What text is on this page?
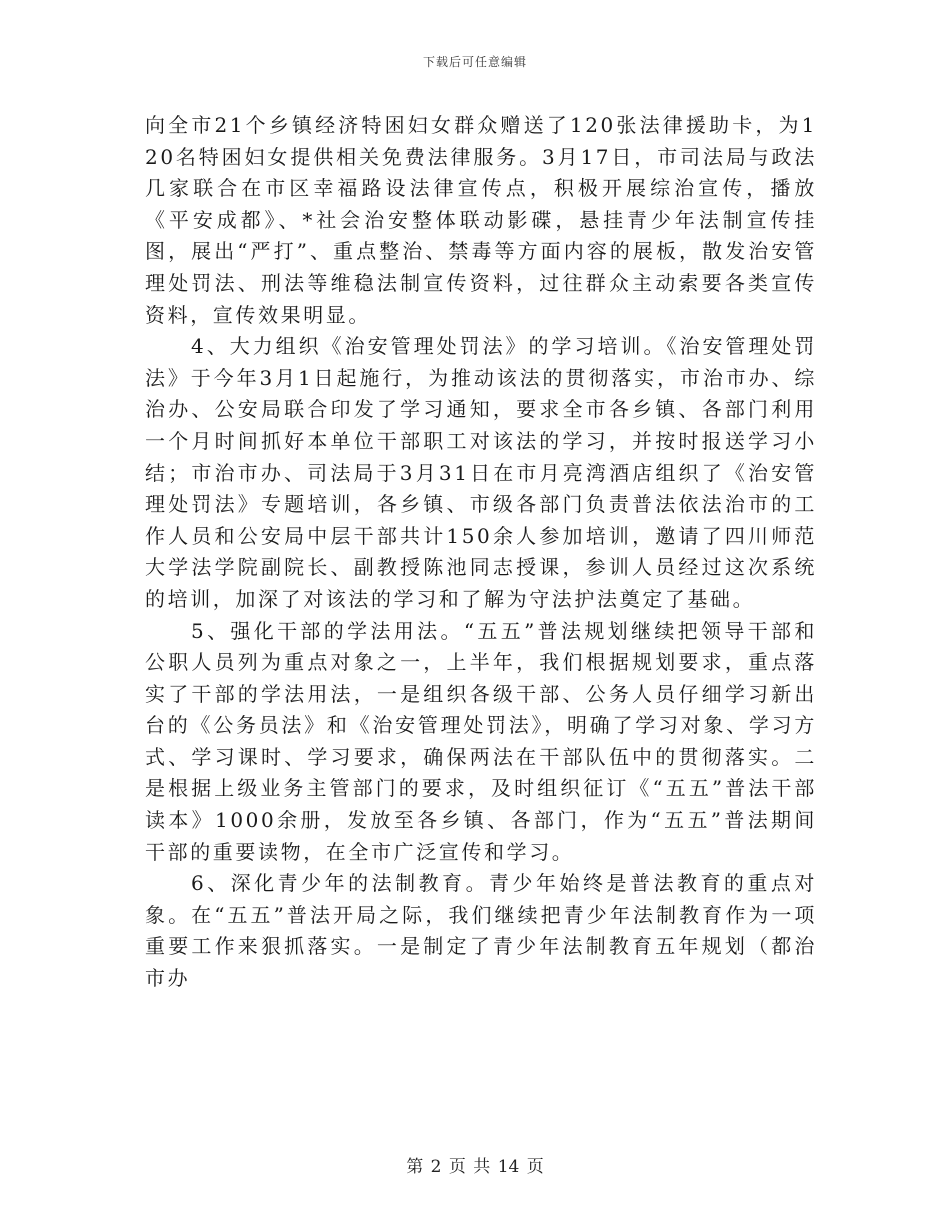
下载后可任意编辑

向全市21个乡镇经济特困妇女群众赠送了120张法律援助卡，为120名特困妇女提供相关免费法律服务。3月17日，市司法局与政法几家联合在市区幸福路设法律宣传点，积极开展综治宣传，播放《平安成都》、*社会治安整体联动影碟，悬挂青少年法制宣传挂图，展出“严打”、重点整治、禁毒等方面内容的展板，散发治安管理处罚法、刑法等维稳法制宣传资料，过往群众主动索要各类宣传资料，宣传效果明显。

4、大力组织《治安管理处罚法》的学习培训。《治安管理处罚法》于今年3月1日起施行，为推动该法的贯彻落实，市治市办、综治办、公安局联合印发了学习通知，要求全市各乡镇、各部门利用一个月时间抓好本单位干部职工对该法的学习，并按时报送学习小结；市治市办、司法局于3月31日在市月亮湾酒店组织了《治安管理处罚法》专题培训，各乡镇、市级各部门负责普法依法治市的工作人员和公安局中层干部共计150余人参加培训，邀请了四川师范大学法学院副院长、副教授陈池同志授课，参训人员经过这次系统的培训，加深了对该法的学习和了解为守法护法奠定了基础。

5、强化干部的学法用法。“五五”普法规划继续把领导干部和公职人员列为重点对象之一，上半年，我们根据规划要求，重点落实了干部的学法用法，一是组织各级干部、公务人员仔细学习新出台的《公务员法》和《治安管理处罚法》，明确了学习对象、学习方式、学习课时、学习要求，确保两法在干部队伍中的贯彻落实。二是根据上级业务主管部门的要求，及时组织征订《“五五”普法干部读本》1000余册，发放至各乡镇、各部门，作为“五五”普法期间干部的重要读物，在全市广泛宣传和学习。

6、深化青少年的法制教育。青少年始终是普法教育的重点对象。在“五五”普法开局之际，我们继续把青少年法制教育作为一项重要工作来狠抓落实。一是制定了青少年法制教育五年规划（都治市办

第 2 页 共 14 页
